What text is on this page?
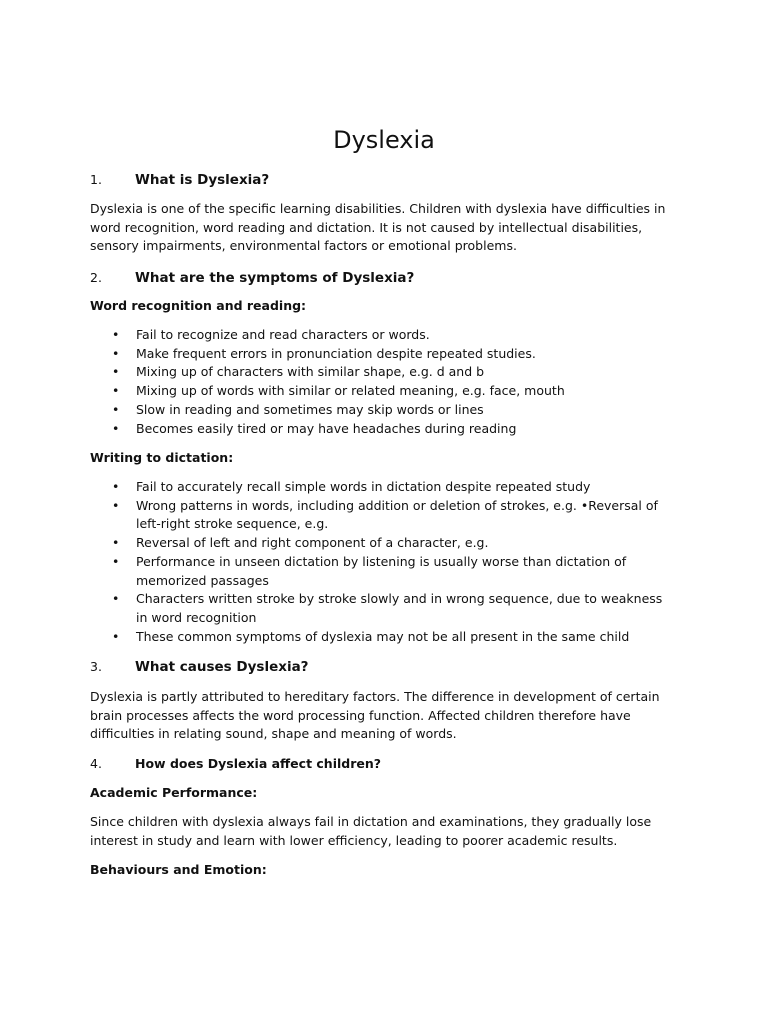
Dyslexia
1. What is Dyslexia?

Dyslexia is one of the specific learning disabilities. Children with dyslexia have difficulties in word recognition, word reading and dictation. It is not caused by intellectual disabilities, sensory impairments, environmental factors or emotional problems.

2. What are the symptoms of Dyslexia?

Word recognition and reading:

• Fail to recognize and read characters or words.
• Make frequent errors in pronunciation despite repeated studies.
• Mixing up of characters with similar shape, e.g. d and b
• Mixing up of words with similar or related meaning, e.g. face, mouth
• Slow in reading and sometimes may skip words or lines
• Becomes easily tired or may have headaches during reading

Writing to dictation:

• Fail to accurately recall simple words in dictation despite repeated study
• Wrong patterns in words, including addition or deletion of strokes, e.g. •Reversal of left-right stroke sequence, e.g.
• Reversal of left and right component of a character, e.g.
• Performance in unseen dictation by listening is usually worse than dictation of memorized passages
• Characters written stroke by stroke slowly and in wrong sequence, due to weakness in word recognition
• These common symptoms of dyslexia may not be all present in the same child
3. What causes Dyslexia?

Dyslexia is partly attributed to hereditary factors. The difference in development of certain brain processes affects the word processing function. Affected children therefore have difficulties in relating sound, shape and meaning of words.

4.	How does Dyslexia affect children?

Academic Performance:

Since children with dyslexia always fail in dictation and examinations, they gradually lose interest in study and learn with lower efficiency, leading to poorer academic results.

Behaviours and Emotion:
